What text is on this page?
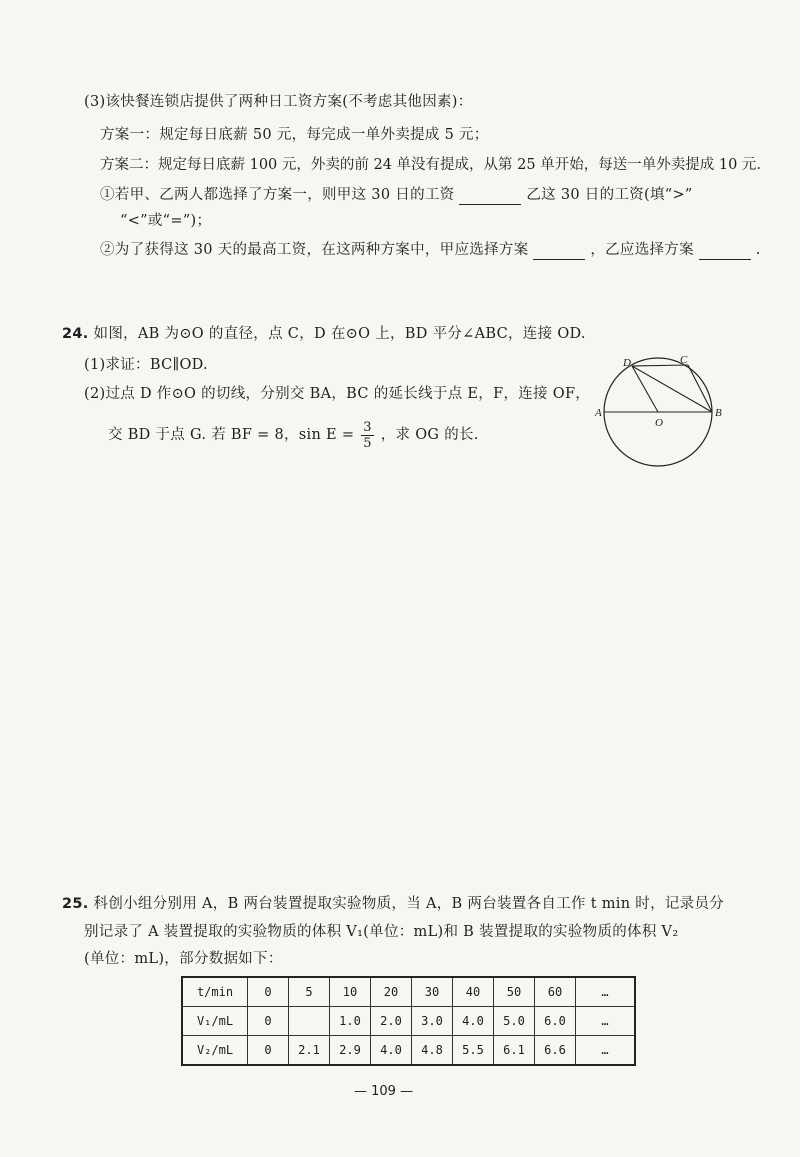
(3)该快餐连锁店提供了两种日工资方案(不考虑其他因素)：
方案一：规定每日底薪 50 元，每完成一单外卖提成 5 元；
方案二：规定每日底薪 100 元，外卖的前 24 单没有提成，从第 25 单开始，每送一单外卖提成 10 元.
①若甲、乙两人都选择了方案一，则甲这 30 日的工资	乙这 30 日的工资(填“>”
“<”或“=”)；
②为了获得这 30 天的最高工资，在这两种方案中，甲应选择方案	，乙应选择方案	.
24. 如图，AB 为⊙O 的直径，点 C，D 在⊙O 上，BD 平分∠ABC，连接 OD.
(1)求证：BC∥OD.
(2)过点 D 作⊙O 的切线，分别交 BA，BC 的延长线于点 E，F，连接 OF，
交 BD 于点 G. 若 BF = 8，$\sin E = \frac{3}{5}$ ，求 OG 的长.
A	B
C
D
O
25. 科创小组分别用 A，B 两台装置提取实验物质，当 A，B 两台装置各自工作 t min 时，记录员分
别记录了 A 装置提取的实验物质的体积 V₁(单位：mL)和 B 装置提取的实验物质的体积 V₂
(单位：mL)，部分数据如下：
t/min	0	5	10	20	30	40	50	60	…
V₁/mL	0		1.0	2.0	3.0	4.0	5.0	6.0	…
V₂/mL	0	2.1	2.9	4.0	4.8	5.5	6.1	6.6	…
— 109 —
